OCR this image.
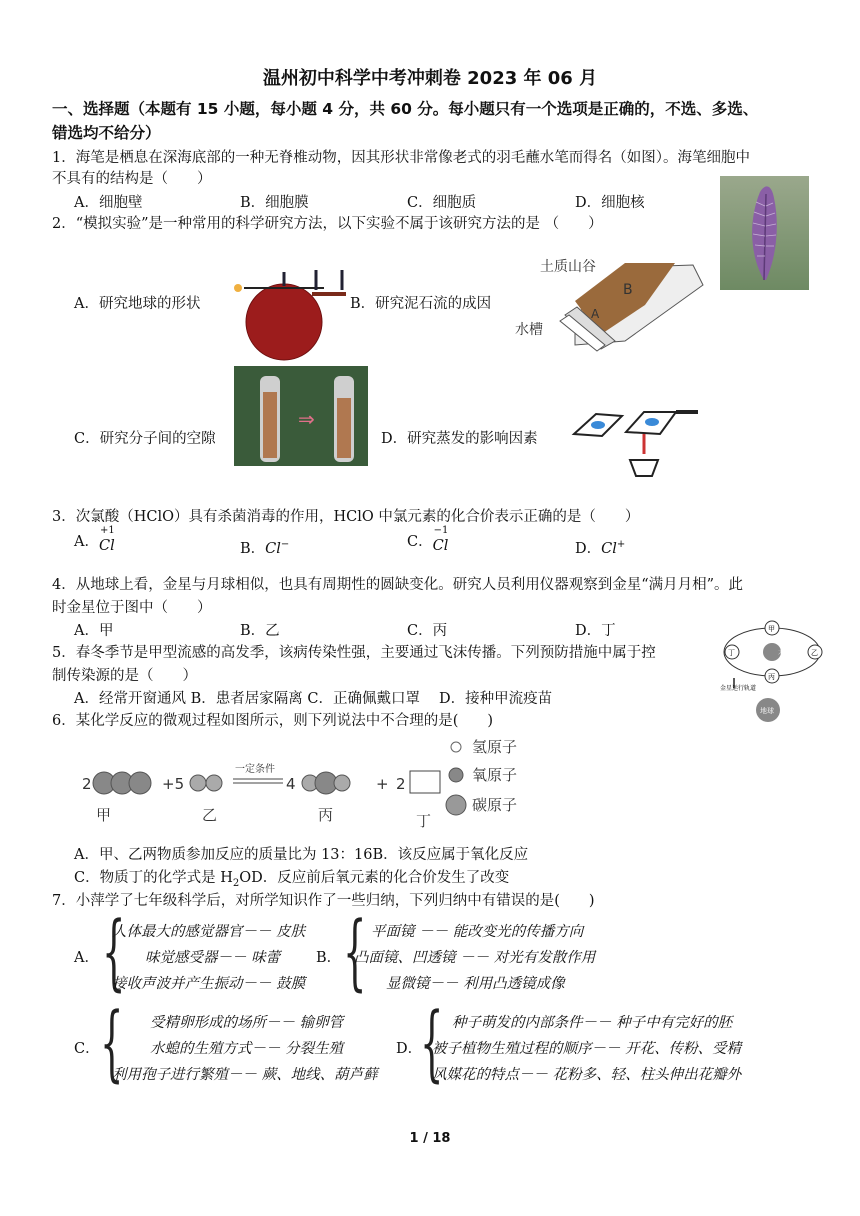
温州初中科学中考冲刺卷 2023 年 06 月
一、选择题（本题有 15 小题，每小题 4 分，共 60 分。每小题只有一个选项是正确的，不选、多选、
错选均不给分）
1．海笔是栖息在深海底部的一种无脊椎动物，因其形状非常像老式的羽毛蘸水笔而得名（如图）。海笔细胞中
不具有的结构是（　　）
A．细胞壁	B．细胞膜	C．细胞质	D．细胞核
2．“模拟实验”是一种常用的科学研究方法，以下实验不属于该研究方法的是 （　　）
A．研究地球的形状	B．研究泥石流的成因
C．研究分子间的空隙	D．研究蒸发的影响因素
土质山谷
B
A
水槽
⇒
3．次氯酸（HClO）具有杀菌消毒的作用，HClO 中氯元素的化合价表示正确的是（　　）
A．
+1
Cl	B．Cl−	C．
−1
Cl	D．Cl+
4．从地球上看，金星与月球相似，也具有周期性的圆缺变化。研究人员利用仪器观察到金星“满月月相”。此
时金星位于图中（　　）
A．甲	B．乙	C．丙	D．丁
太阳
甲
乙
丙
丁
金星运行轨道
地球
5．春冬季节是甲型流感的高发季，该病传染性强，主要通过飞沫传播。下列预防措施中属于控
制传染源的是（　　）
A．经常开窗通风 B．患者居家隔离 C．正确佩戴口罩　 D．接种甲流疫苗
6．某化学反应的微观过程如图所示，则下列说法中不合理的是(　　)
2	+5
一定条件
4	+ 2
甲	乙	丙	丁
氢原子
氧原子
碳原子
A．甲、乙两物质参加反应的质量比为 13：16B．该反应属于氧化反应
C．物质丁的化学式是 $H_2OD$．反应前后氧元素的化合价发生了改变
7．小萍学了七年级科学后，对所学知识作了一些归纳，下列归纳中有错误的是(　　)
A． {
人体最大的感觉器官－－ 皮肤
味觉感受器－－ 味蕾
接收声波并产生振动－－ 鼓膜
B． { 平面镜 －－ 能改变光的传播方向
凸面镜、凹透镜 －－ 对光有发散作用
显微镜－－ 利用凸透镜成像
C． { 受精卵形成的场所－－ 输卵管
水螅的生殖方式－－ 分裂生殖
利用孢子进行繁殖－－ 蕨、地线、葫芦藓
D．
{ 种子萌发的内部条件－－ 种子中有完好的胚
被子植物生殖过程的顺序－－ 开花、传粉、受精
风媒花的特点－－ 花粉多、轻、柱头伸出花瓣外
1 / 18
